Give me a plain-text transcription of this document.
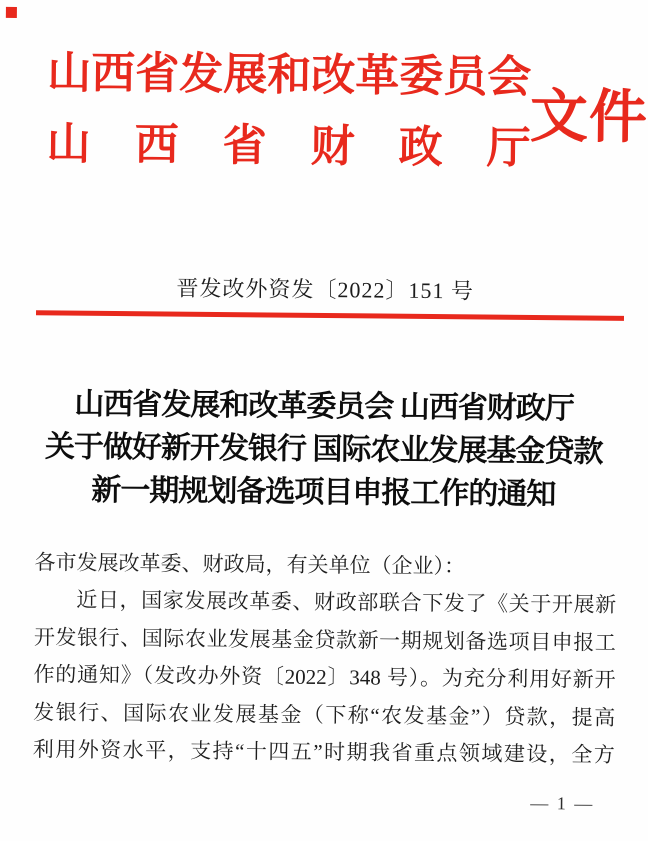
山西省发展和改革委员会
山 西 省 财 政 厅
文件
晋发改外资发〔2022〕151 号
山西省发展和改革委员会 山西省财政厅
关于做好新开发银行 国际农业发展基金贷款
新一期规划备选项目申报工作的通知
各市发展改革委、财政局，有关单位（企业）：
近日，国家发展改革委、财政部联合下发了《关于开展新
开发银行、国际农业发展基金贷款新一期规划备选项目申报工
作的通知》（发改办外资〔2022〕348 号）。为充分利用好新开
发银行、国际农业发展基金（下称“农发基金”）贷款，提高
利用外资水平，支持“十四五”时期我省重点领域建设，全方
— 1 —
